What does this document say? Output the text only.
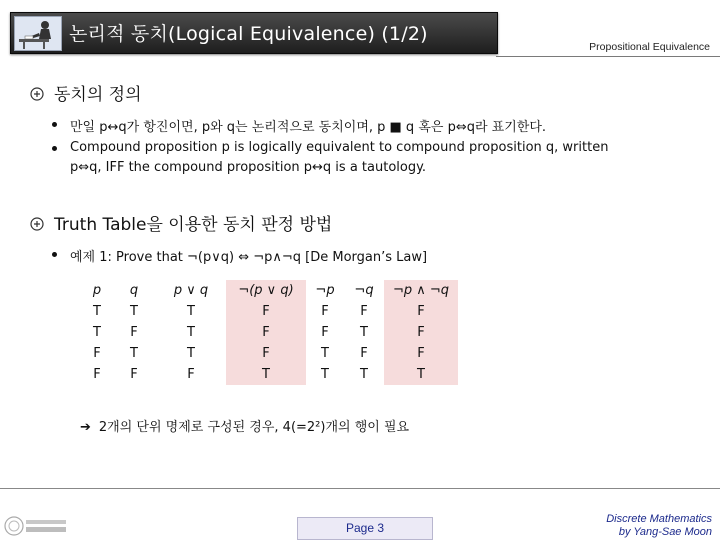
논리적 동치(Logical Equivalence) (1/2)
Propositional Equivalence
동치의 정의
만일 p↔q가 항진이면, p와 q는 논리적으로 동치이며, p ■ q 혹은 p⇔q라 표기한다.
Compound proposition p is logically equivalent to compound proposition q, written
p⇔q, IFF the compound proposition p↔q is a tautology.
Truth Table을 이용한 동치 판정 방법
예제 1: Prove that ¬(p∨q) ⇔ ¬p∧¬q [De Morgan’s Law]
p	q	p ∨ q	¬(p ∨ q)	¬p	¬q	¬p ∧ ¬q
T	T	T	F	F	F	F
T	F	T	F	F	T	F
F	T	T	F	T	F	F
F	F	F	T	T	T	T
➔ 2개의 단위 명제로 구성된 경우, 4(=2²)개의 행이 필요
Page 3
Discrete Mathematics
by Yang-Sae Moon
